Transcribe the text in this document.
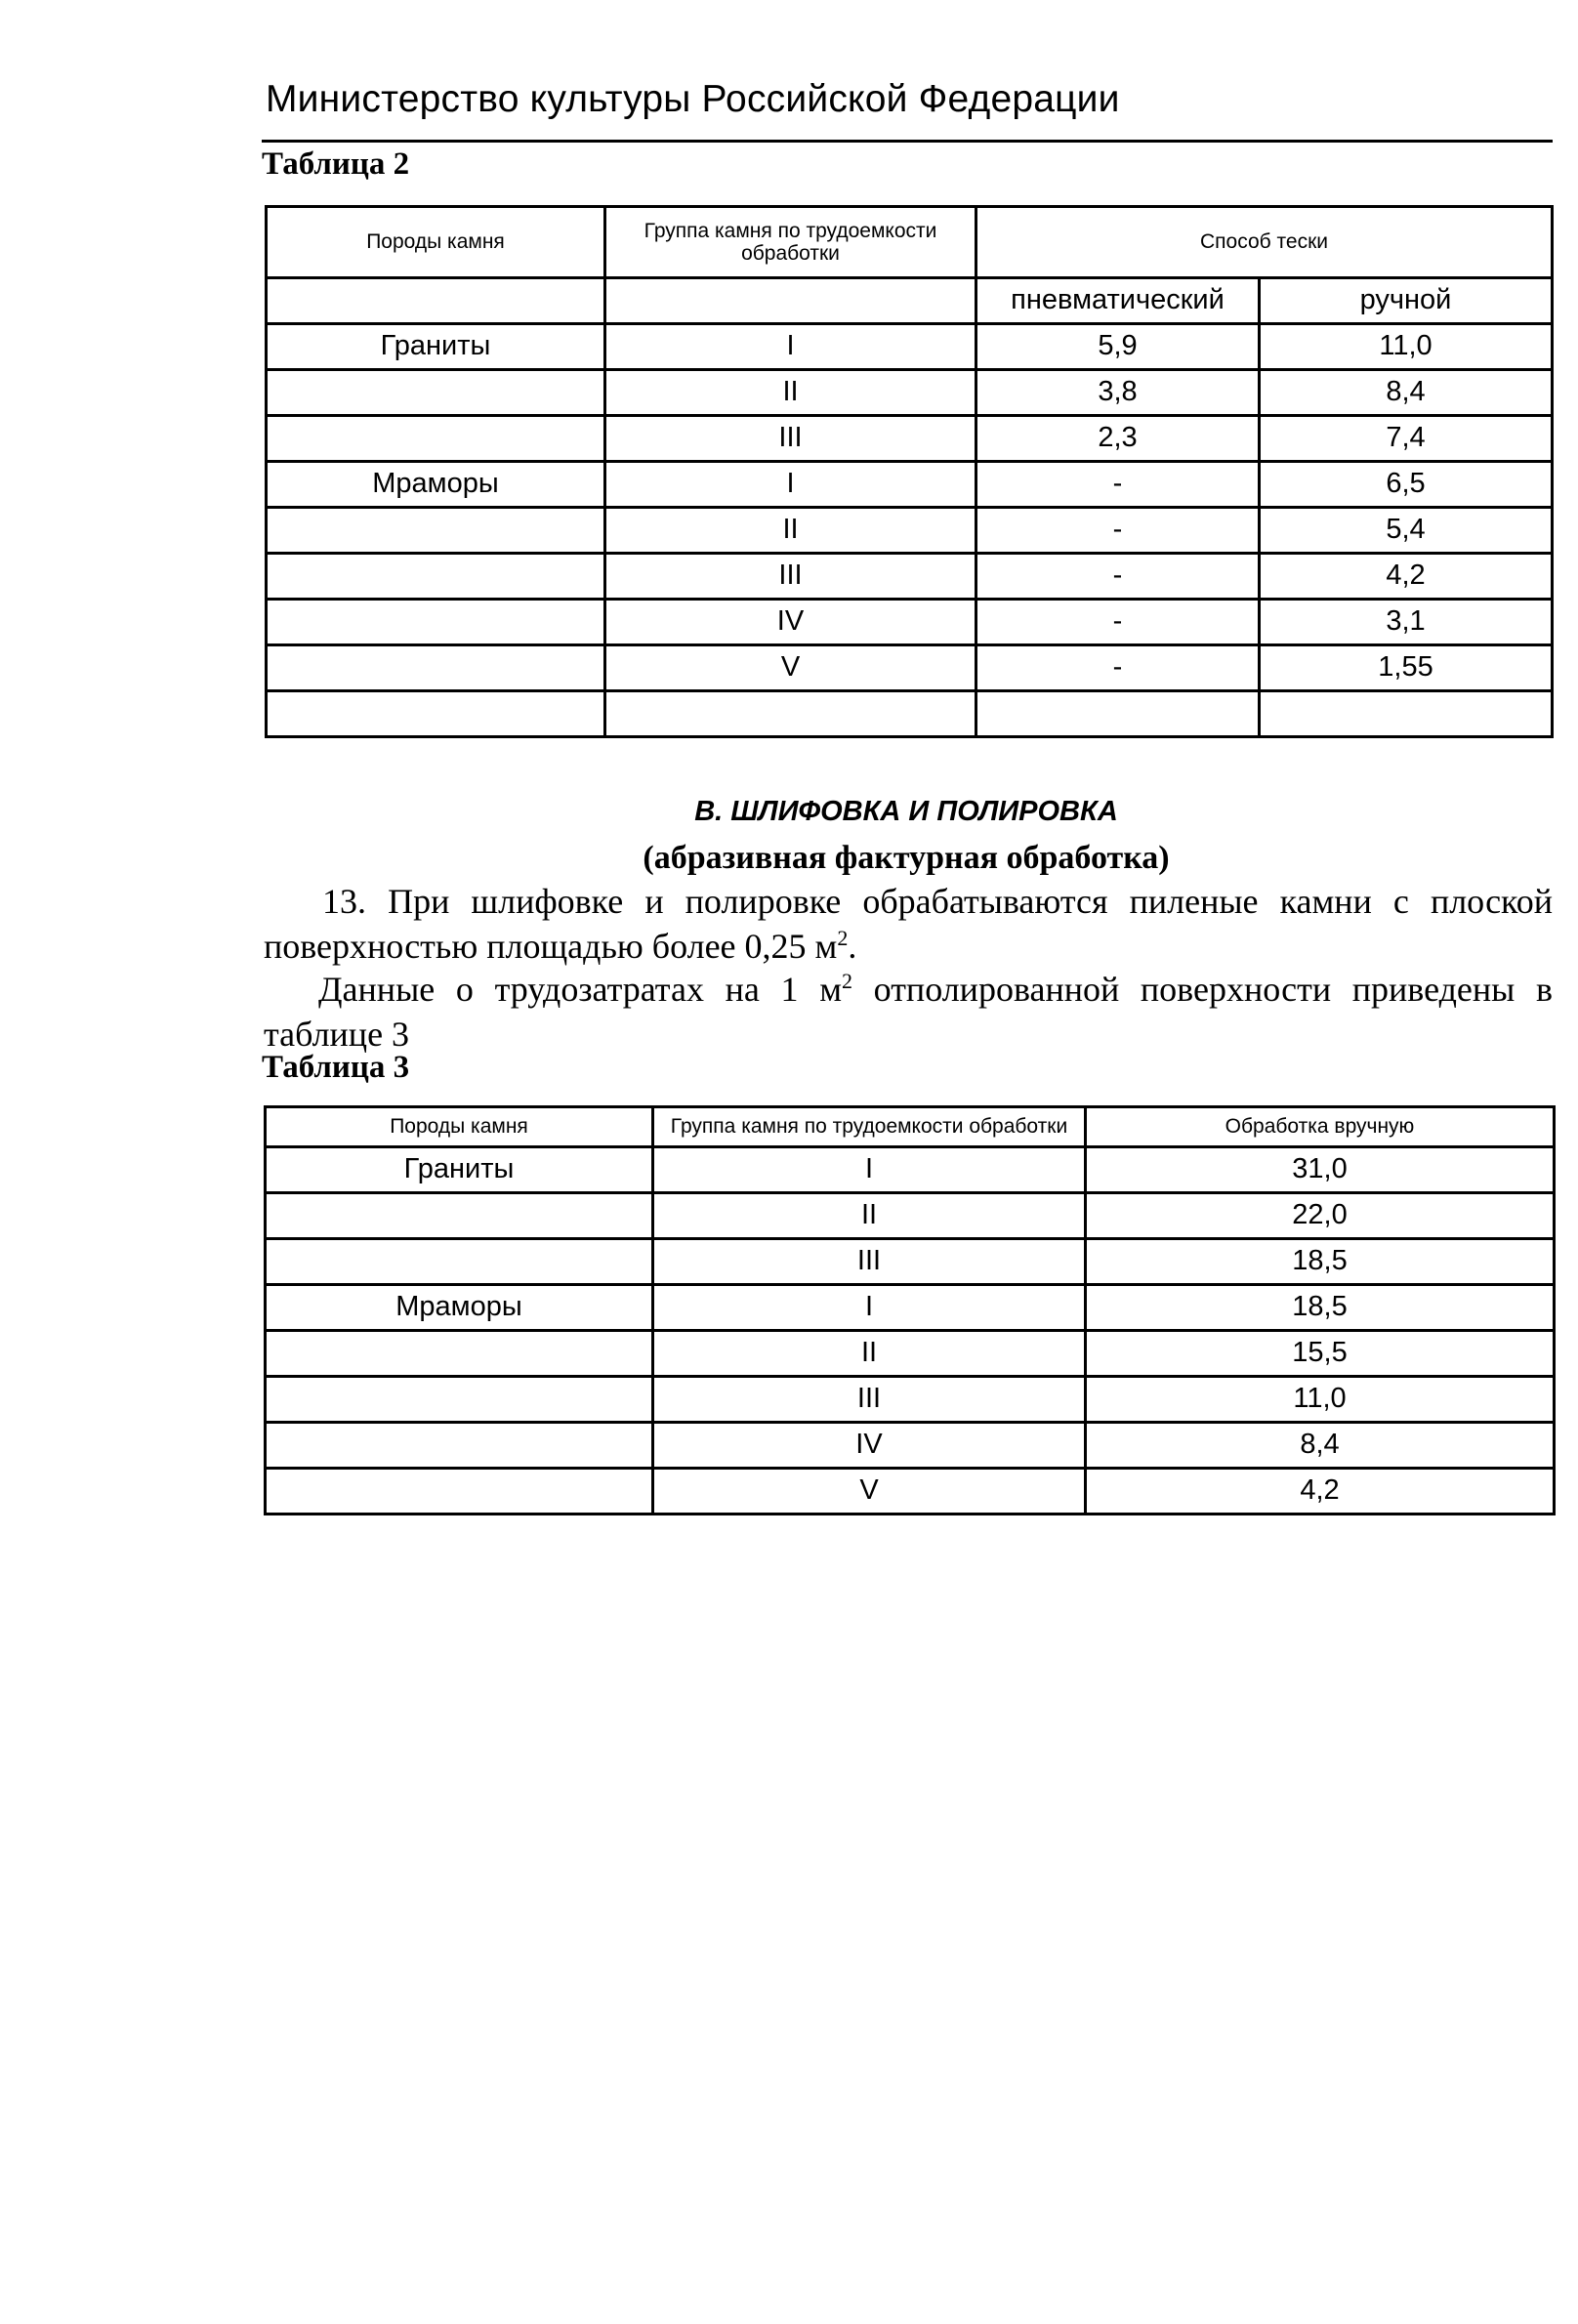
Министерство культуры Российской Федерации
Таблица 2
Породы камня	Группа камня по трудоемкости обработки	Способ тески	
		пневматический	ручной
Граниты	I	5,9	11,0
	II	3,8	8,4
	III	2,3	7,4
Мраморы	I	-	6,5
	II	-	5,4
	III	-	4,2
	IV	-	3,1
	V	-	1,55

В. ШЛИФОВКА И ПОЛИРОВКА
(абразивная фактурная обработка)

13. При шлифовке и полировке обрабатываются пиленые камни с плоской поверхностью площадью более 0,25 $м^2$.

Данные о трудозатратах на 1 $м^2$ отполированной поверхности приведены в таблице 3

Таблица 3
Породы камня	Группа камня по трудоемкости обработки	Обработка вручную
Граниты	I	31,0
	II	22,0
	III	18,5
Мраморы	I	18,5
	II	15,5
	III	11,0
	IV	8,4
	V	4,2
